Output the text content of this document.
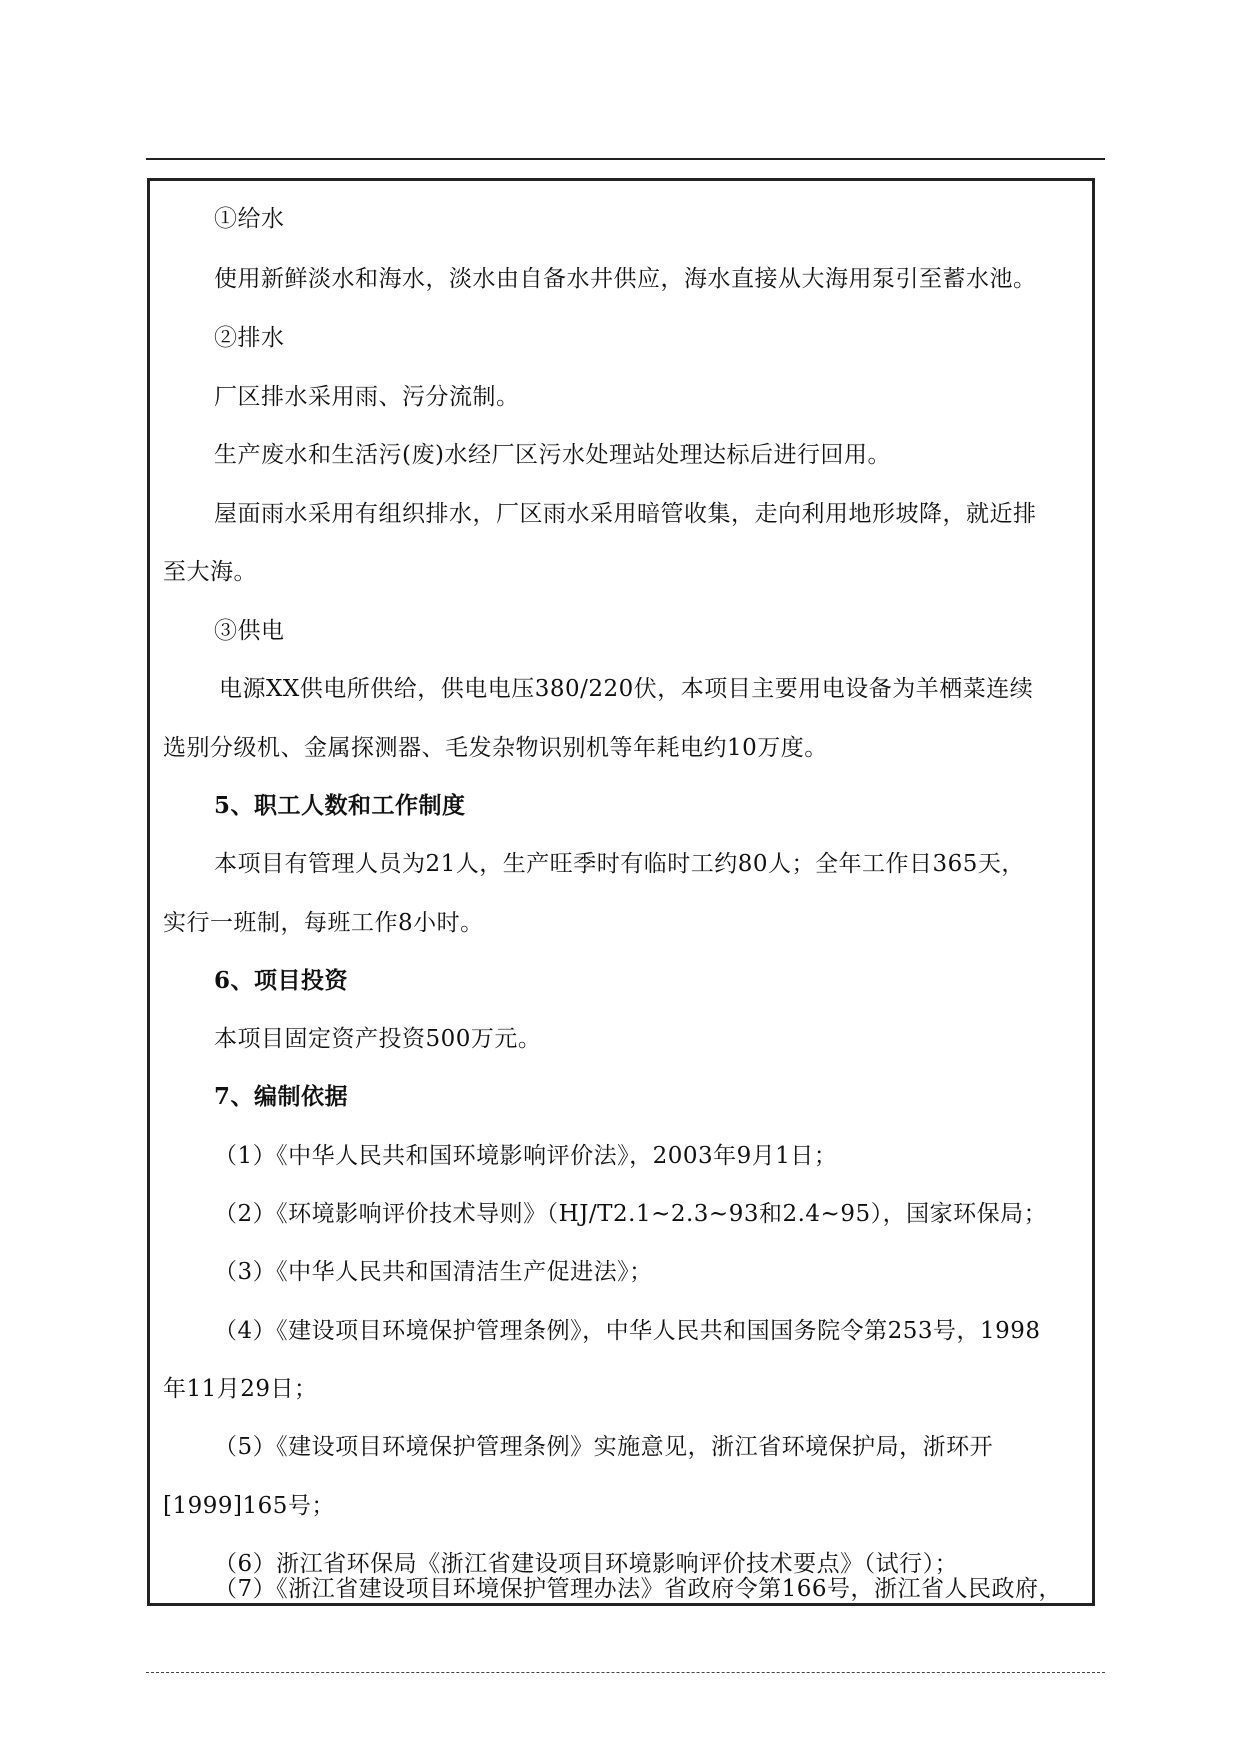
①给水
使用新鲜淡水和海水，淡水由自备水井供应，海水直接从大海用泵引至蓄水池。
②排水
厂区排水采用雨、污分流制。
生产废水和生活污(废)水经厂区污水处理站处理达标后进行回用。
屋面雨水采用有组织排水，厂区雨水采用暗管收集，走向利用地形坡降，就近排
至大海。
③供电
电源XX供电所供给，供电电压380/220伏，本项目主要用电设备为羊栖菜连续
选别分级机、金属探测器、毛发杂物识别机等年耗电约10万度。
5、职工人数和工作制度
本项目有管理人员为21人，生产旺季时有临时工约80人；全年工作日365天，
实行一班制，每班工作8小时。
6、项目投资
本项目固定资产投资500万元。
7、编制依据
（1）《中华人民共和国环境影响评价法》，2003年9月1日；
（2）《环境影响评价技术导则》（HJ/T2.1~2.3~93和2.4~95），国家环保局；
（3）《中华人民共和国清洁生产促进法》；
（4）《建设项目环境保护管理条例》，中华人民共和国国务院令第253号，1998
年11月29日；
（5）《建设项目环境保护管理条例》实施意见，浙江省环境保护局，浙环开
[1999]165号；
（6）浙江省环保局《浙江省建设项目环境影响评价技术要点》（试行）；
（7）《浙江省建设项目环境保护管理办法》省政府令第166号，浙江省人民政府，
